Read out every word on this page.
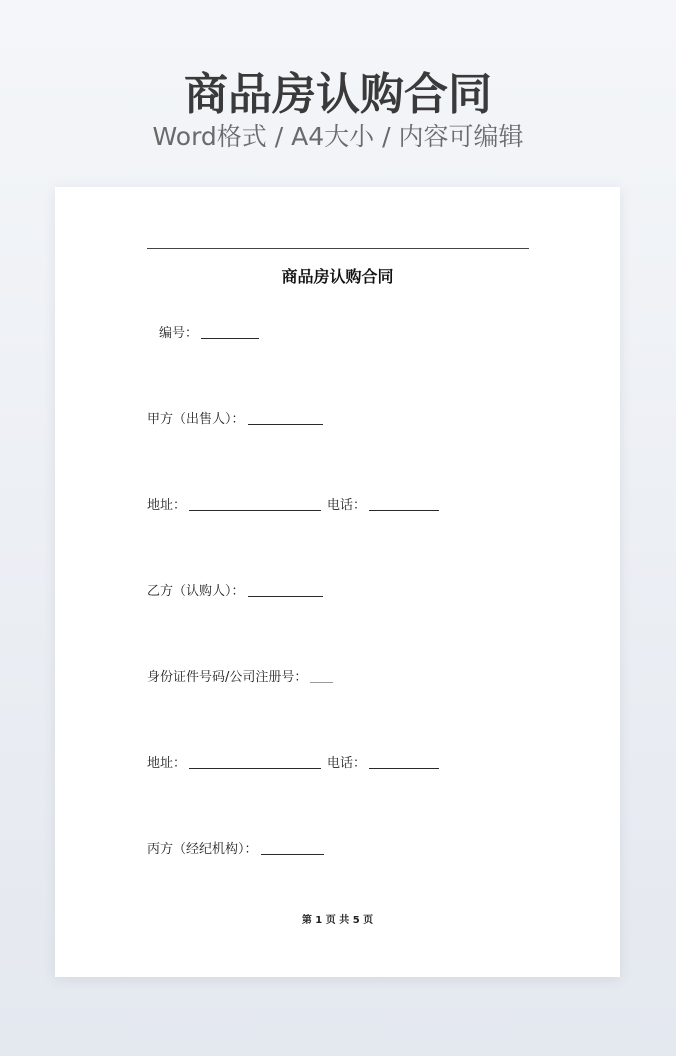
商品房认购合同
Word格式 / A4大小 / 内容可编辑
商品房认购合同
编号：
甲方（出售人）：
地址：	电话：
乙方（认购人）：
身份证件号码/公司注册号：
地址：	电话：
丙方（经纪机构）：
第 1 页 共 5 页
